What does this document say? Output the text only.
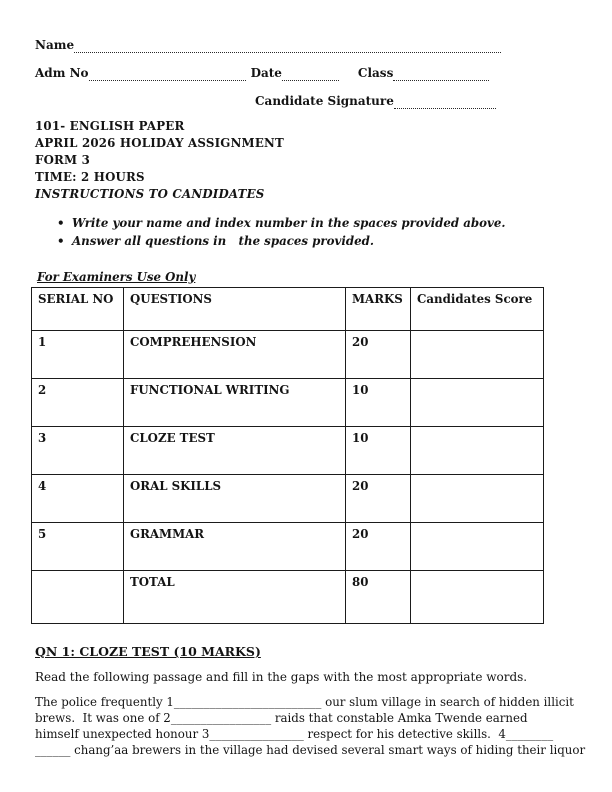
Name
Adm No	Date	Class
Candidate Signature
101- ENGLISH PAPER
APRIL 2026 HOLIDAY ASSIGNMENT
FORM 3
TIME: 2 HOURS
INSTRUCTIONS TO CANDIDATES
• Write your name and index number in the spaces provided above.
• Answer all questions in   the spaces provided.
For Examiners Use Only
SERIAL NO	QUESTIONS	MARKS	Candidates Score
1	COMPREHENSION	20	
2	FUNCTIONAL WRITING	10	
3	CLOZE TEST	10	
4	ORAL SKILLS	20	
5	GRAMMAR	20	
	TOTAL	80	
QN 1: CLOZE TEST (10 MARKS)
Read the following passage and fill in the gaps with the most appropriate words.
The police frequently 1_________________________ our slum village in search of hidden illicit
brews.  It was one of 2_________________ raids that constable Amka Twende earned
himself unexpected honour 3________________ respect for his detective skills.  4________
______ chang’aa brewers in the village had devised several smart ways of hiding their liquor
